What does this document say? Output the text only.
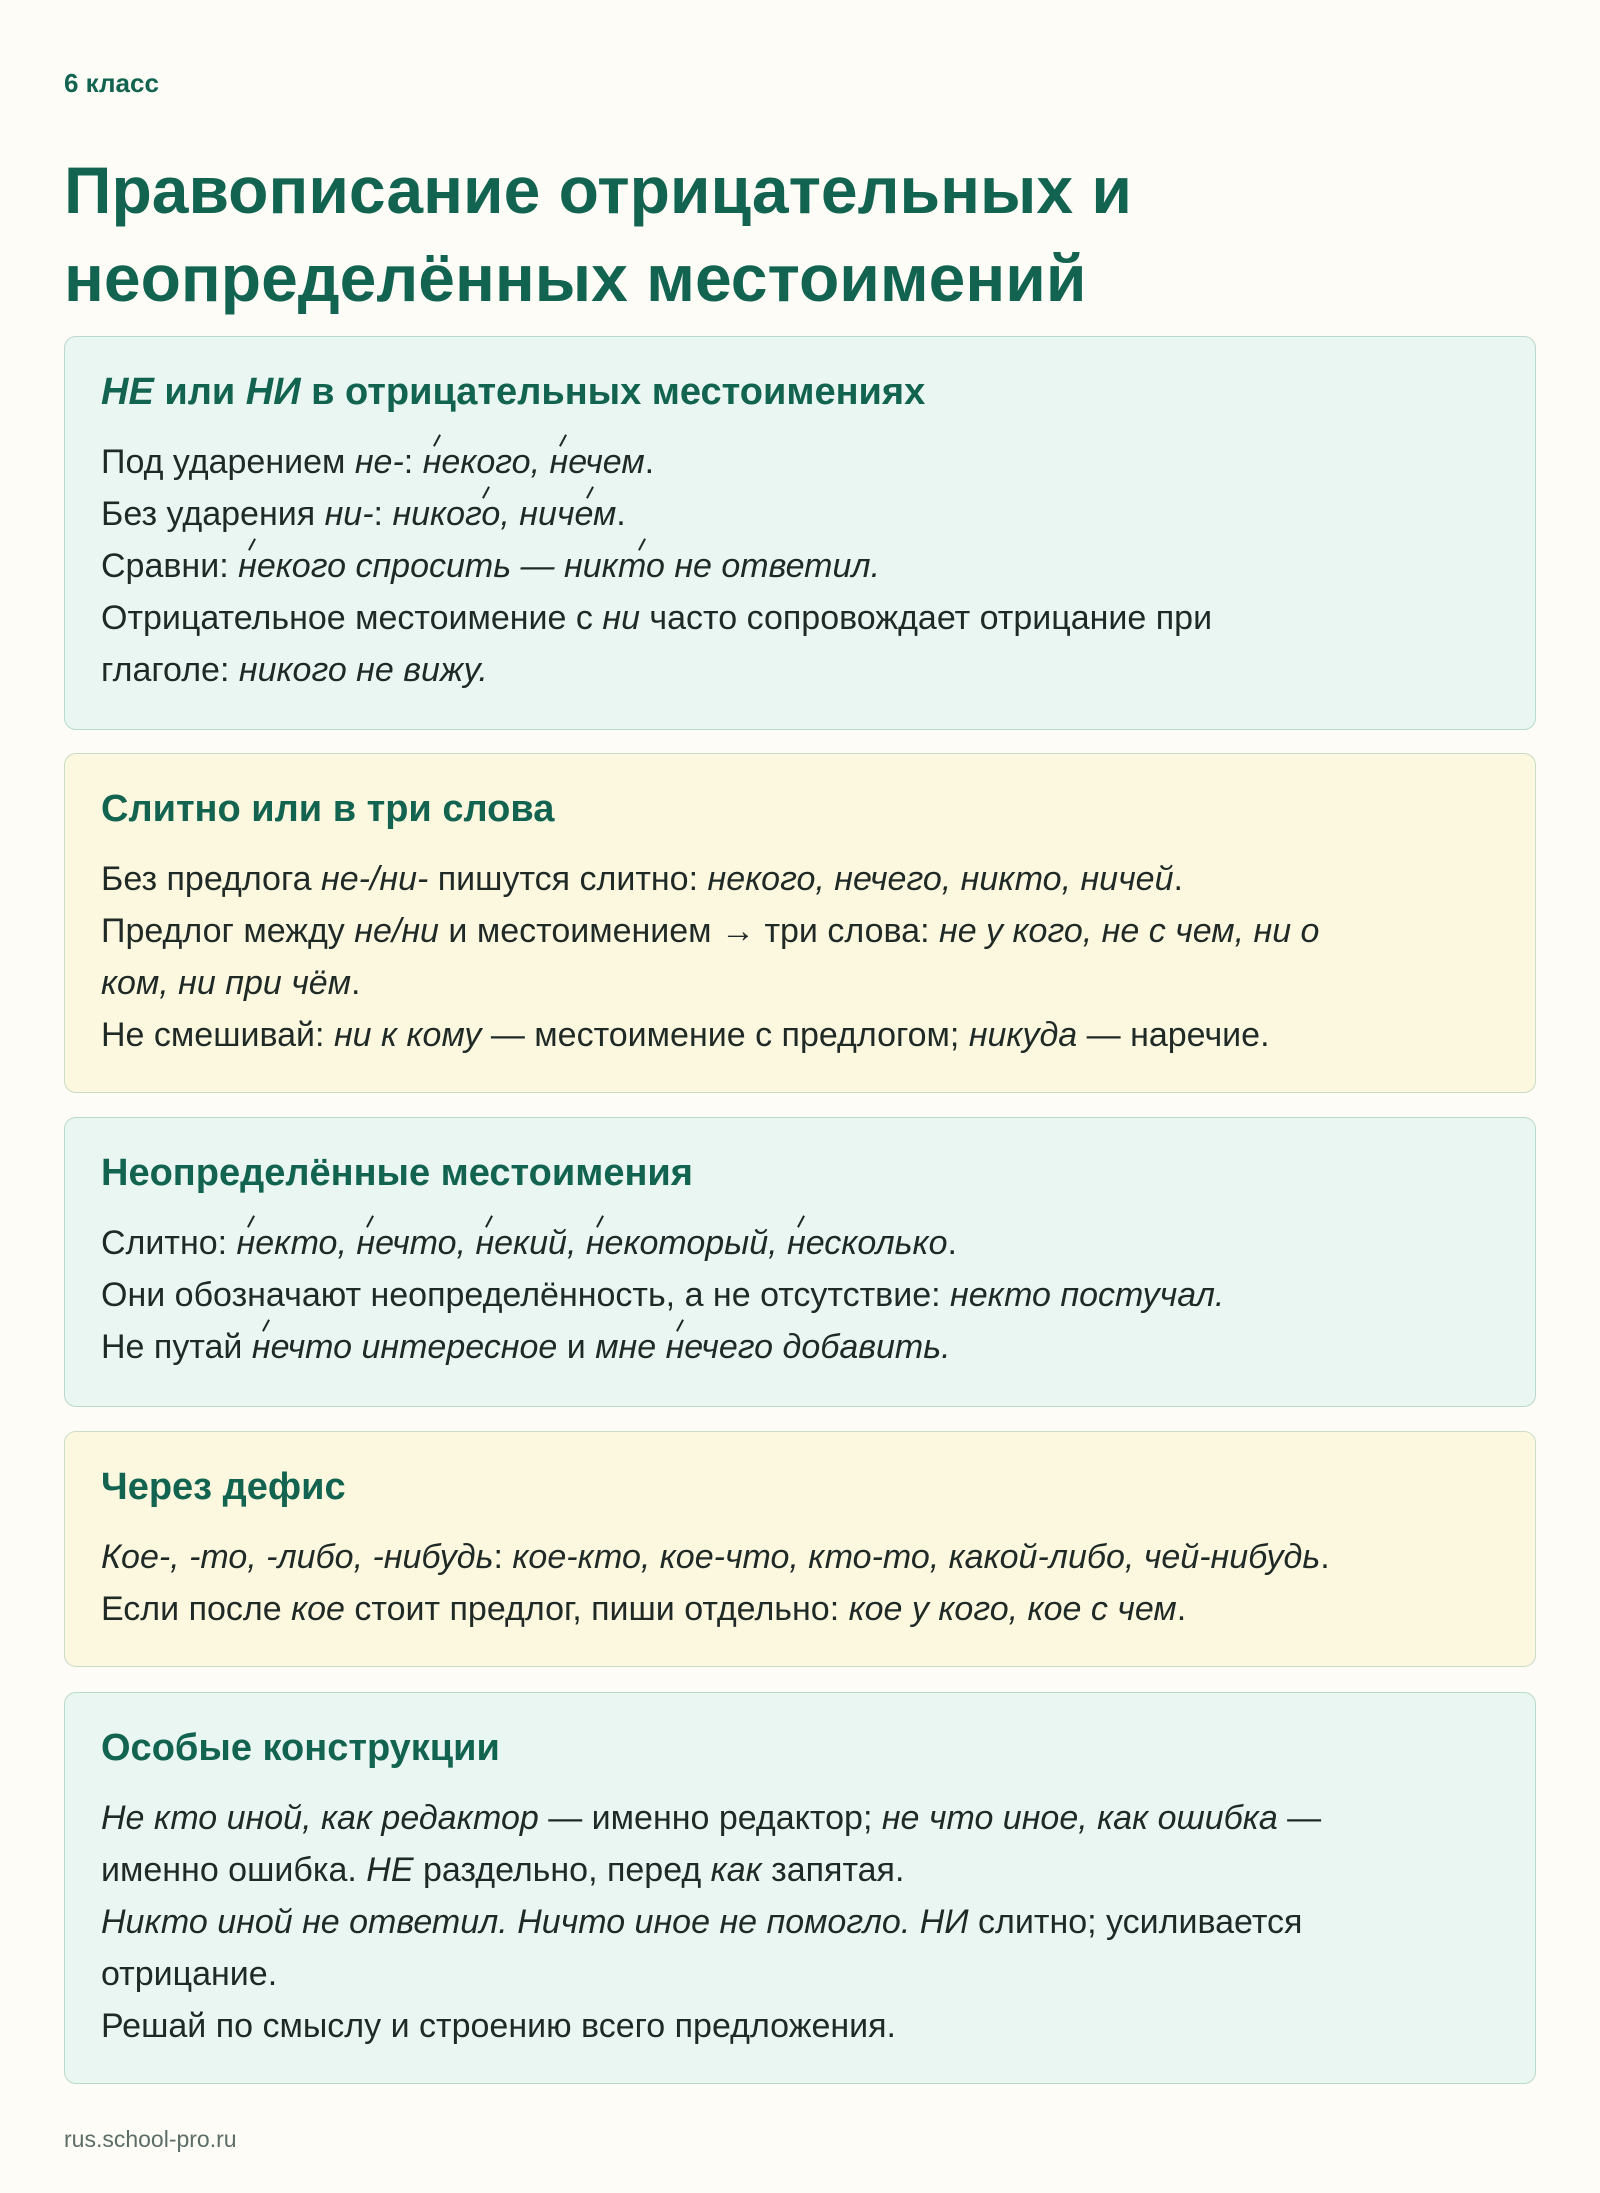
6 класс
Правописание отрицательных и неопределённых местоимений
НЕ или НИ в отрицательных местоимениях
Под ударением не-: некого
, нечем
.
Без ударения ни-: никого
, ничем
.
Сравни: некого
спросить — никто
не ответил.
Отрицательное местоимение с ни часто сопровождает отрицание при
глаголе: никого не вижу.
Слитно или в три слова
Без предлога не-/ни- пишутся слитно: некого, нечего, никто, ничей.
Предлог между не/ни и местоимением → три слова: не у кого, не с чем, ни о
ком, ни при чём.
Не смешивай: ни к кому — местоимение с предлогом; никуда — наречие.
Неопределённые местоимения
Слитно: некто
, нечто
, некий
, некоторый
, несколько
.
Они обозначают неопределённость, а не отсутствие: некто постучал.
Не путай нечто
интересное и мне нечего
добавить.
Через дефис
Кое-, -то, -либо, -нибудь: кое-кто, кое-что, кто-то, какой-либо, чей-нибудь.
Если после кое стоит предлог, пиши отдельно: кое у кого, кое с чем.
Особые конструкции
Не кто иной, как редактор — именно редактор; не что иное, как ошибка —
именно ошибка. НЕ раздельно, перед как запятая.
Никто иной не ответил. Ничто иное не помогло. НИ слитно; усиливается
отрицание.
Решай по смыслу и строению всего предложения.
rus.school-pro.ru
